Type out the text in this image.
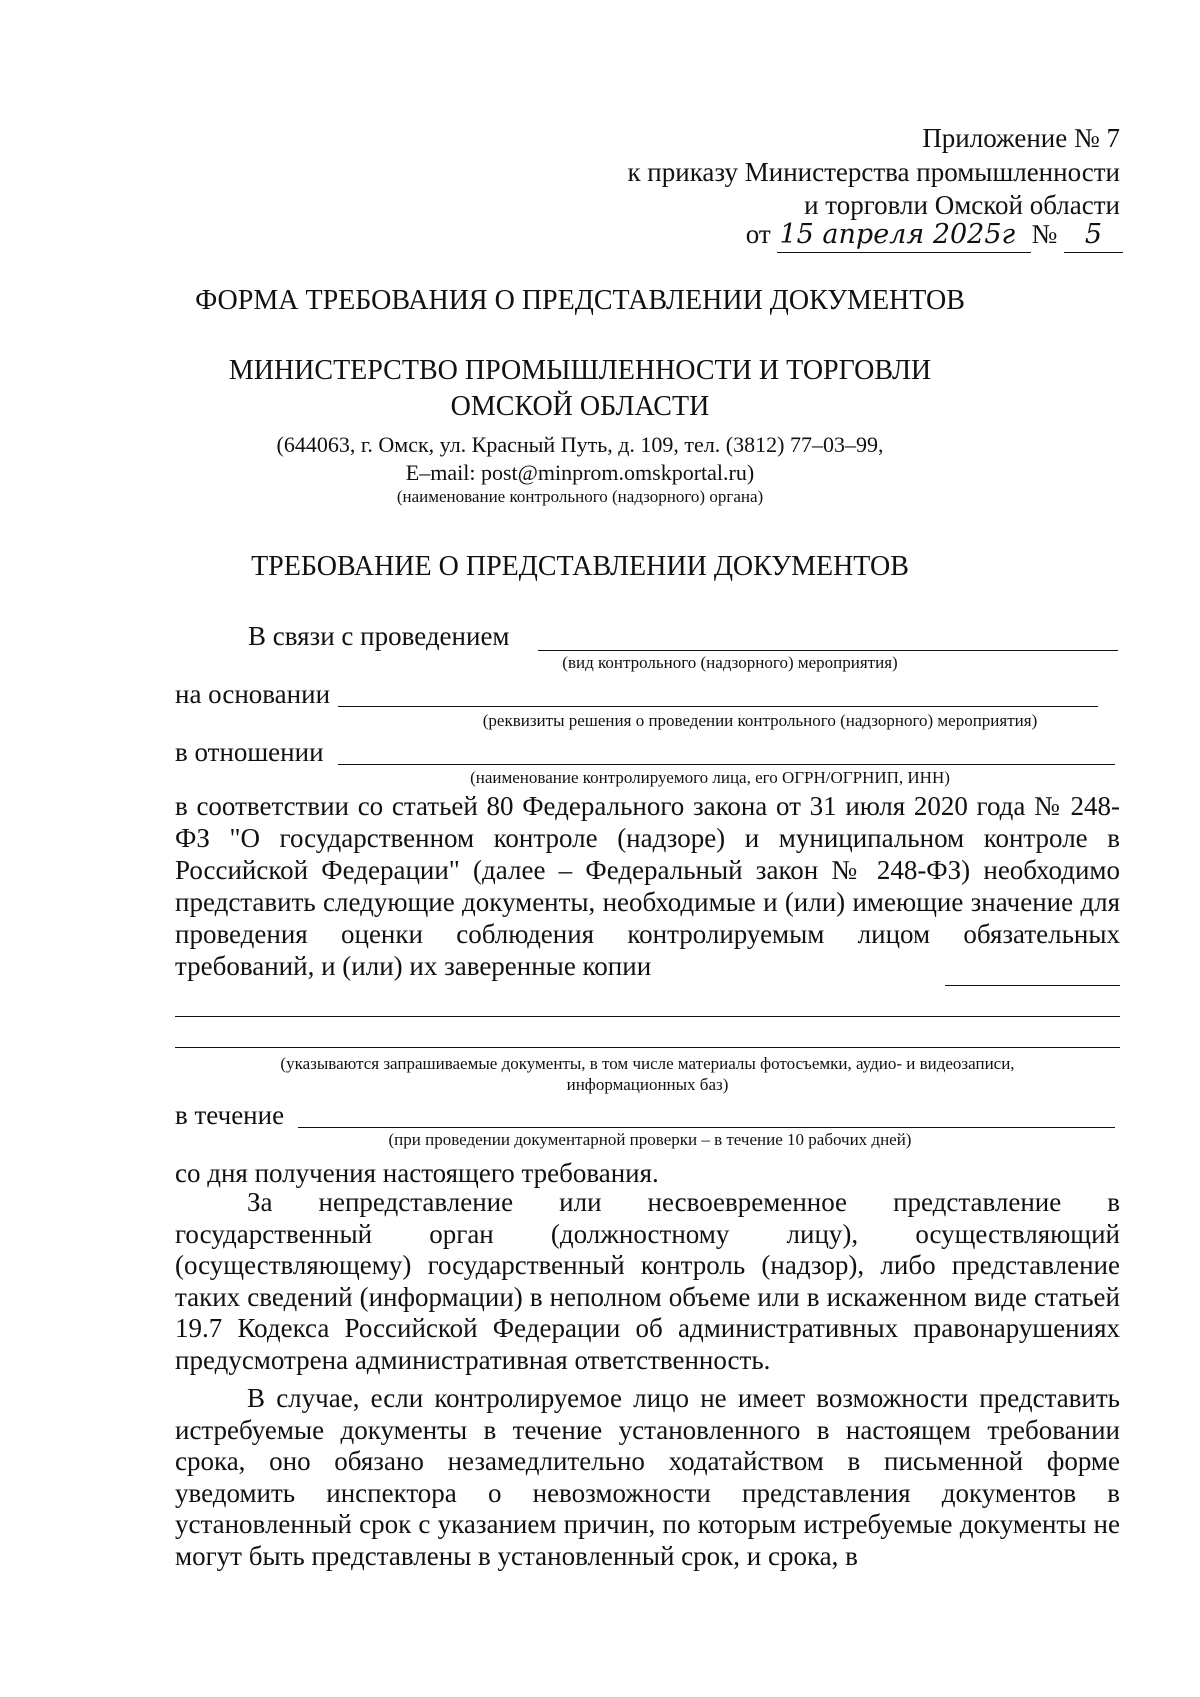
Приложение № 7
к приказу Министерства промышленности
и торговли Омской области
от 15 апреля 2025г № 5
ФОРМА ТРЕБОВАНИЯ О ПРЕДСТАВЛЕНИИ ДОКУМЕНТОВ
МИНИСТЕРСТВО ПРОМЫШЛЕННОСТИ И ТОРГОВЛИ
ОМСКОЙ ОБЛАСТИ
(644063, г. Омск, ул. Красный Путь, д. 109, тел. (3812) 77–03–99,
E–mail: post@minprom.omskportal.ru)
(наименование контрольного (надзорного) органа)
ТРЕБОВАНИЕ О ПРЕДСТАВЛЕНИИ ДОКУМЕНТОВ
В связи с проведением
(вид контрольного (надзорного) мероприятия)
на основании
(реквизиты решения о проведении контрольного (надзорного) мероприятия)
в отношении
(наименование контролируемого лица, его ОГРН/ОГРНИП, ИНН)
в соответствии со статьей 80 Федерального закона от 31 июля 2020 года № 248-ФЗ "О государственном контроле (надзоре) и муниципальном контроле в Российской Федерации" (далее – Федеральный закон № 248-ФЗ) необходимо представить следующие документы, необходимые и (или) имеющие значение для проведения оценки соблюдения контролируемым лицом обязательных требований, и (или) их заверенные копии
(указываются запрашиваемые документы, в том числе материалы фотосъемки, аудио- и видеозаписи,
информационных баз)
в течение
(при проведении документарной проверки – в течение 10 рабочих дней)
со дня получения настоящего требования.
За непредставление или несвоевременное представление в государственный орган (должностному лицу), осуществляющий (осуществляющему) государственный контроль (надзор), либо представление таких сведений (информации) в неполном объеме или в искаженном виде статьей 19.7 Кодекса Российской Федерации об административных правонарушениях предусмотрена административная ответственность.
В случае, если контролируемое лицо не имеет возможности представить истребуемые документы в течение установленного в настоящем требовании срока, оно обязано незамедлительно ходатайством в письменной форме уведомить инспектора о невозможности представления документов в установленный срок с указанием причин, по которым истребуемые документы не могут быть представлены в установленный срок, и срока, в
